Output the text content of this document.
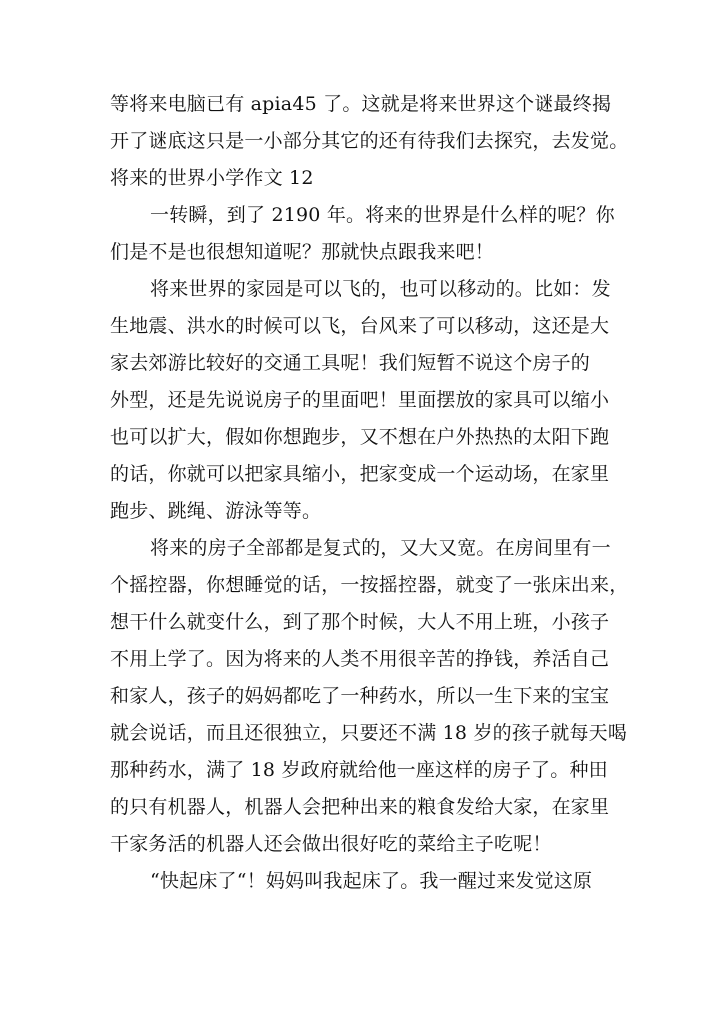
等将来电脑已有 apia45 了。这就是将来世界这个谜最终揭
开了谜底这只是一小部分其它的还有待我们去探究，去发觉。
将来的世界小学作文 12
一转瞬，到了 2190 年。将来的世界是什么样的呢？你
们是不是也很想知道呢？那就快点跟我来吧！
将来世界的家园是可以飞的，也可以移动的。比如：发
生地震、洪水的时候可以飞，台风来了可以移动，这还是大
家去郊游比较好的交通工具呢！我们短暂不说这个房子的
外型，还是先说说房子的里面吧！里面摆放的家具可以缩小
也可以扩大，假如你想跑步，又不想在户外热热的太阳下跑
的话，你就可以把家具缩小，把家变成一个运动场，在家里
跑步、跳绳、游泳等等。
将来的房子全部都是复式的，又大又宽。在房间里有一
个摇控器，你想睡觉的话，一按摇控器，就变了一张床出来，
想干什么就变什么，到了那个时候，大人不用上班，小孩子
不用上学了。因为将来的人类不用很辛苦的挣钱，养活自己
和家人，孩子的妈妈都吃了一种药水，所以一生下来的宝宝
就会说话，而且还很独立，只要还不满 18 岁的孩子就每天喝
那种药水，满了 18 岁政府就给他一座这样的房子了。种田
的只有机器人，机器人会把种出来的粮食发给大家，在家里
干家务活的机器人还会做出很好吃的菜给主子吃呢！
“快起床了“！妈妈叫我起床了。我一醒过来发觉这原
